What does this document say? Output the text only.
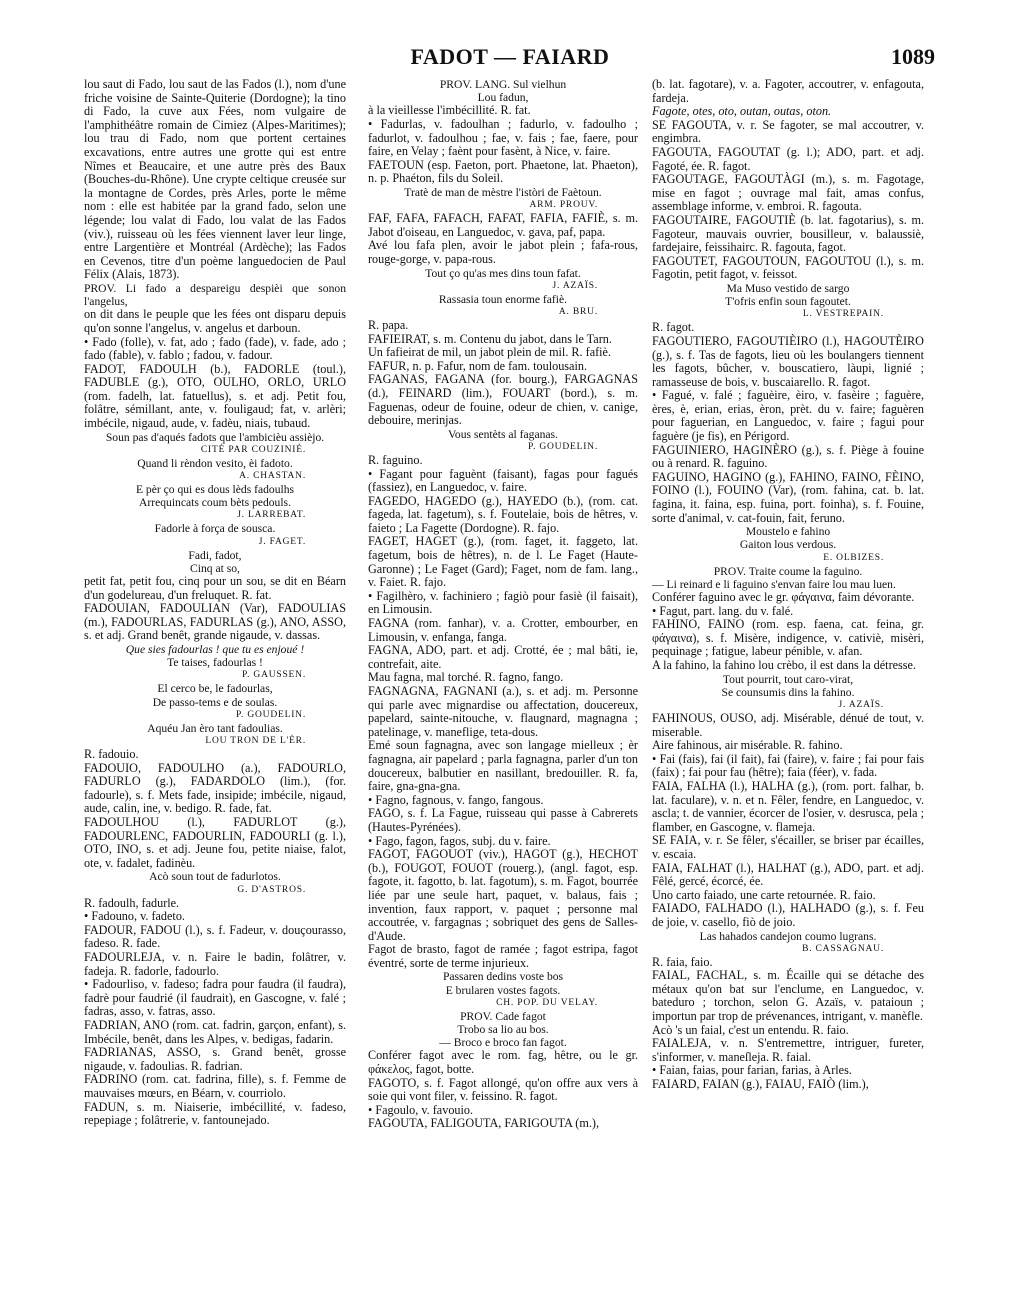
FADOT — FAIARD	1089

lou saut di Fado, lou saut de las Fados (l.), nom d'une friche voisine de Sainte-Quiterie (Dordogne); la tino di Fado, la cuve aux Fées, nom vulgaire de l'amphithéâtre romain de Cimiez (Alpes-Maritimes); lou trau di Fado, nom que portent certaines excavations, entre autres une grotte qui est entre Nîmes et Beaucaire, et une autre près des Baux (Bouches-du-Rhône). Une crypte celtique creusée sur la montagne de Cordes, près Arles, porte le même nom : elle est habitée par la grand fado, selon une légende; lou valat di Fado, lou valat de las Fados (viv.), ruisseau où les fées viennent laver leur linge, entre Largentière et Montréal (Ardèche); las Fados en Cevenos, titre d'un poème languedocien de Paul Félix (Alais, 1873).

PROV. Li fado a despareigu despièi que sonon l'angelus,

on dit dans le peuple que les fées ont disparu depuis qu'on sonne l'angelus, v. angelus et darboun.

• Fado (folle), v. fat, ado ; fado (fade), v. fade, ado ; fado (fable), v. fablo ; fadou, v. fadour.

FADOT, FADOULH (b.), FADORLE (toul.), FADUBLE (g.), OTO, OULHO, ORLO, URLO (rom. fadelh, lat. fatuellus), s. et adj. Petit fou, folâtre, sémillant, ante, v. fouligaud; fat, v. arlèri; imbécile, nigaud, aude, v. fadèu, niais, tubaud.

Soun pas d'aqués fadots que l'ambicièu assièjo.

CITÉ PAR COUZINIÉ.

Quand li rèndon vesito, èi fadoto.

A. CHASTAN.

E pèr ço qui es dous lèds fadoulhs

Arrequincats coum bèts pedouls.

J. LARREBAT.

Fadorle à força de sousca.

J. FAGET.

Fadi, fadot,

Cinq at so,

petit fat, petit fou, cinq pour un sou, se dit en Béarn d'un godelureau, d'un freluquet. R. fat.

FADOUIAN, FADOULIAN (Var), FADOULIAS (m.), FADOURLAS, FADURLAS (g.), ANO, ASSO, s. et adj. Grand benêt, grande nigaude, v. dassas.

Que sies fadourlas ! que tu es enjoué !

Te taises, fadourlas !

P. GAUSSEN.

El cerco be, le fadourlas,

De passo-tems e de soulas.

P. GOUDELIN.

Aquéu Jan èro tant fadoulias.

LOU TRON DE L'ÈR.

R. fadouio.

FADOUIO, FADOULHO (a.), FADOURLO, FADURLO (g.), FADARDOLO (lim.), (for. fadourle), s. f. Mets fade, insipide; imbécile, nigaud, aude, calin, ine, v. bedigo. R. fade, fat.

FADOULHOU (l.), FADURLOT (g.), FADOURLENC, FADOURLIN, FADOURLI (g. l.), OTO, INO, s. et adj. Jeune fou, petite niaise, falot, ote, v. fadalet, fadinèu.

Acò soun tout de fadurlotos.

G. D'ASTROS.

R. fadoulh, fadurle.

• Fadouno, v. fadeto.

FADOUR, FADOU (l.), s. f. Fadeur, v. douçourasso, fadeso. R. fade.

FADOURLEJA, v. n. Faire le badin, folâtrer, v. fadeja. R. fadorle, fadourlo.

• Fadourliso, v. fadeso; fadra pour faudra (il faudra), fadrè pour faudrié (il faudrait), en Gascogne, v. falé ; fadras, asso, v. fatras, asso.

FADRIAN, ANO (rom. cat. fadrin, garçon, enfant), s. Imbécile, benêt, dans les Alpes, v. bedigas, fadarin.

FADRIANAS, ASSO, s. Grand benêt, grosse nigaude, v. fadoulias. R. fadrian.

FADRINO (rom. cat. fadrina, fille), s. f. Femme de mauvaises mœurs, en Béarn, v. courriolo.

FADUN, s. m. Niaiserie, imbécillité, v. fadeso, repepiage ; folâtrerie, v. fantounejado.

PROV. LANG. Sul vielhun

Lou fadun,

à la vieillesse l'imbécillité. R. fat.

• Fadurlas, v. fadoulhan ; fadurlo, v. fadoulho ; fadurlot, v. fadoulhou ; fae, v. fais ; fae, faere, pour faire, en Velay ; faènt pour fasènt, à Nice, v. faire.

FAETOUN (esp. Faeton, port. Phaetone, lat. Phaeton), n. p. Phaéton, fils du Soleil.

Tratè de man de mèstre l'istòri de Faètoun.

ARM. PROUV.

FAF, FAFA, FAFACH, FAFAT, FAFIA, FAFIÈ, s. m. Jabot d'oiseau, en Languedoc, v. gava, paf, papa.

Avé lou fafa plen, avoir le jabot plein ; fafa-rous, rouge-gorge, v. papa-rous.

Tout ço qu'as mes dins toun fafat.

J. AZAÏS.

Rassasia toun enorme fafiè.

A. BRU.

R. papa.

FAFIEIRAT, s. m. Contenu du jabot, dans le Tarn.

Un fafieirat de mil, un jabot plein de mil. R. fafiè.

FAFUR, n. p. Fafur, nom de fam. toulousain.

FAGANAS, FAGANA (for. bourg.), FARGAGNAS (d.), FEINARD (lim.), FOUART (bord.), s. m. Faguenas, odeur de fouine, odeur de chien, v. canige, debouire, merinjas.

Vous sentèts al faganas.

P. GOUDELIN.

R. faguino.

• Fagant pour faguènt (faisant), fagas pour fagués (fassiez), en Languedoc, v. faire.

FAGEDO, HAGEDO (g.), HAYEDO (b.), (rom. cat. fageda, lat. fagetum), s. f. Foutelaie, bois de hêtres, v. faieto ; La Fagette (Dordogne). R. fajo.

FAGET, HAGET (g.), (rom. faget, it. faggeto, lat. fagetum, bois de hêtres), n. de l. Le Faget (Haute-Garonne) ; Le Faget (Gard); Faget, nom de fam. lang., v. Faiet. R. fajo.

• Fagilhèro, v. fachiniero ; fagiò pour fasiè (il faisait), en Limousin.

FAGNA (rom. fanhar), v. a. Crotter, embourber, en Limousin, v. enfanga, fanga.

FAGNA, ADO, part. et adj. Crotté, ée ; mal bâti, ie, contrefait, aite.

Mau fagna, mal torché. R. fagno, fango.

FAGNAGNA, FAGNANI (a.), s. et adj. m. Personne qui parle avec mignardise ou affectation, doucereux, papelard, sainte-nitouche, v. flaugnard, magnagna ; patelinage, v. maneflige, teta-dous.

Emé soun fagnagna, avec son langage mielleux ; èr fagnagna, air papelard ; parla fagnagna, parler d'un ton doucereux, balbutier en nasillant, bredouiller. R. fa, faire, gna-gna-gna.

• Fagno, fagnous, v. fango, fangous.

FAGO, s. f. La Fague, ruisseau qui passe à Cabrerets (Hautes-Pyrénées).

• Fago, fagon, fagos, subj. du v. faire.

FAGOT, FAGOUOT (viv.), HAGOT (g.), HECHOT (b.), FOUGOT, FOUOT (rouerg.), (angl. fagot, esp. fagote, it. fagotto, b. lat. fagotum), s. m. Fagot, bourrée liée par une seule hart, paquet, v. balaus, fais ; invention, faux rapport, v. paquet ; personne mal accoutrée, v. fargagnas ; sobriquet des gens de Salles-d'Aude.

Fagot de brasto, fagot de ramée ; fagot estripa, fagot éventré, sorte de terme injurieux.

Passaren dedins voste bos

E brularen vostes fagots.

CH. POP. DU VELAY.

PROV. Cade fagot

Trobo sa lio au bos.

— Broco e broco fan fagot.

Conférer fagot avec le rom. fag, hêtre, ou le gr. φάκελος, fagot, botte.

FAGOTO, s. f. Fagot allongé, qu'on offre aux vers à soie qui vont filer, v. feissino. R. fagot.

• Fagoulo, v. favouio.

FAGOUTA, FALIGOUTA, FARIGOUTA (m.),

(b. lat. fagotare), v. a. Fagoter, accoutrer, v. enfagouta, fardeja.

Fagote, otes, oto, outan, outas, oton.

SE FAGOUTA, v. r. Se fagoter, se mal accoutrer, v. engimbra.

FAGOUTA, FAGOUTAT (g. l.); ADO, part. et adj. Fagoté, ée. R. fagot.

FAGOUTAGE, FAGOUTÀGI (m.), s. m. Fagotage, mise en fagot ; ouvrage mal fait, amas confus, assemblage informe, v. embroi. R. fagouta.

FAGOUTAIRE, FAGOUTIÈ (b. lat. fagotarius), s. m. Fagoteur, mauvais ouvrier, bousilleur, v. balaussiè, fardejaire, feissihairc. R. fagouta, fagot.

FAGOUTET, FAGOUTOUN, FAGOUTOU (l.), s. m. Fagotin, petit fagot, v. feissot.

Ma Muso vestido de sargo

T'ofris enfin soun fagoutet.

L. VESTREPAIN.

R. fagot.

FAGOUTIERO, FAGOUTIÈIRO (l.), HAGOUTÈIRO (g.), s. f. Tas de fagots, lieu où les boulangers tiennent les fagots, bûcher, v. bouscatiero, làupi, lignié ; ramasseuse de bois, v. buscaiarello. R. fagot.

• Fagué, v. falé ; faguèire, èiro, v. fasèire ; faguère, ères, è, erian, erias, èron, prèt. du v. faire; faguèren pour faguerian, en Languedoc, v. faire ; fagui pour faguère (je fis), en Périgord.

FAGUINIERO, HAGINÈRO (g.), s. f. Piège à fouine ou à renard. R. faguino.

FAGUINO, HAGINO (g.), FAHINO, FAINO, FÈINO, FOINO (l.), FOUINO (Var), (rom. fahina, cat. b. lat. fagina, it. faina, esp. fuina, port. foinha), s. f. Fouine, sorte d'animal, v. cat-fouin, fait, feruno.

Moustelo e fahino

Gaiton lous verdous.

E. OLBIZES.

PROV. Traite coume la faguino.

— Li reinard e li faguino s'envan faire lou mau luen.

Conférer faguino avec le gr. φάγαινα, faim dévorante.

• Fagut, part. lang. du v. falé.

FAHINO, FAINO (rom. esp. faena, cat. feina, gr. φάγαινα), s. f. Misère, indigence, v. cativiè, misèri, pequinage ; fatigue, labeur pénible, v. afan.

A la fahino, la fahino lou crèbo, il est dans la détresse.

Tout pourrit, tout caro-virat,

Se counsumis dins la fahino.

J. AZAÏS.

FAHINOUS, OUSO, adj. Misérable, dénué de tout, v. miserable.

Aire fahinous, air misérable. R. fahino.

• Fai (fais), fai (il fait), fai (faire), v. faire ; fai pour fais (faix) ; fai pour fau (hêtre); faia (féer), v. fada.

FAIA, FALHA (l.), HALHA (g.), (rom. port. falhar, b. lat. faculare), v. n. et n. Fêler, fendre, en Languedoc, v. ascla; t. de vannier, écorcer de l'osier, v. desrusca, pela ; flamber, en Gascogne, v. flameja.

SE FAIA, v. r. Se fêler, s'écailler, se briser par écailles, v. escaia.

FAIA, FALHAT (l.), HALHAT (g.), ADO, part. et adj. Fêlé, gercé, écorcé, ée.

Uno carto faiado, une carte retournée. R. faio.

FAIADO, FALHADO (l.), HALHADO (g.), s. f. Feu de joie, v. casello, fiò de joio.

Las hahados candejon coumo lugrans.

B. CASSAGNAU.

R. faia, faio.

FAIAL, FACHAL, s. m. Écaille qui se détache des métaux qu'on bat sur l'enclume, en Languedoc, v. batedurо ; torchon, selon G. Azaïs, v. pataioun ; importun par trop de prévenances, intrigant, v. manèfle.

Acò 's un faial, c'est un entendu. R. faio.

FAIALEJA, v. n. S'entremettre, intriguer, fureter, s'informer, v. maneſleja. R. faial.

• Faian, faias, pour farian, farias, à Arles.

FAIARD, FAIAN (g.), FAIAU, FAIÒ (lim.),
